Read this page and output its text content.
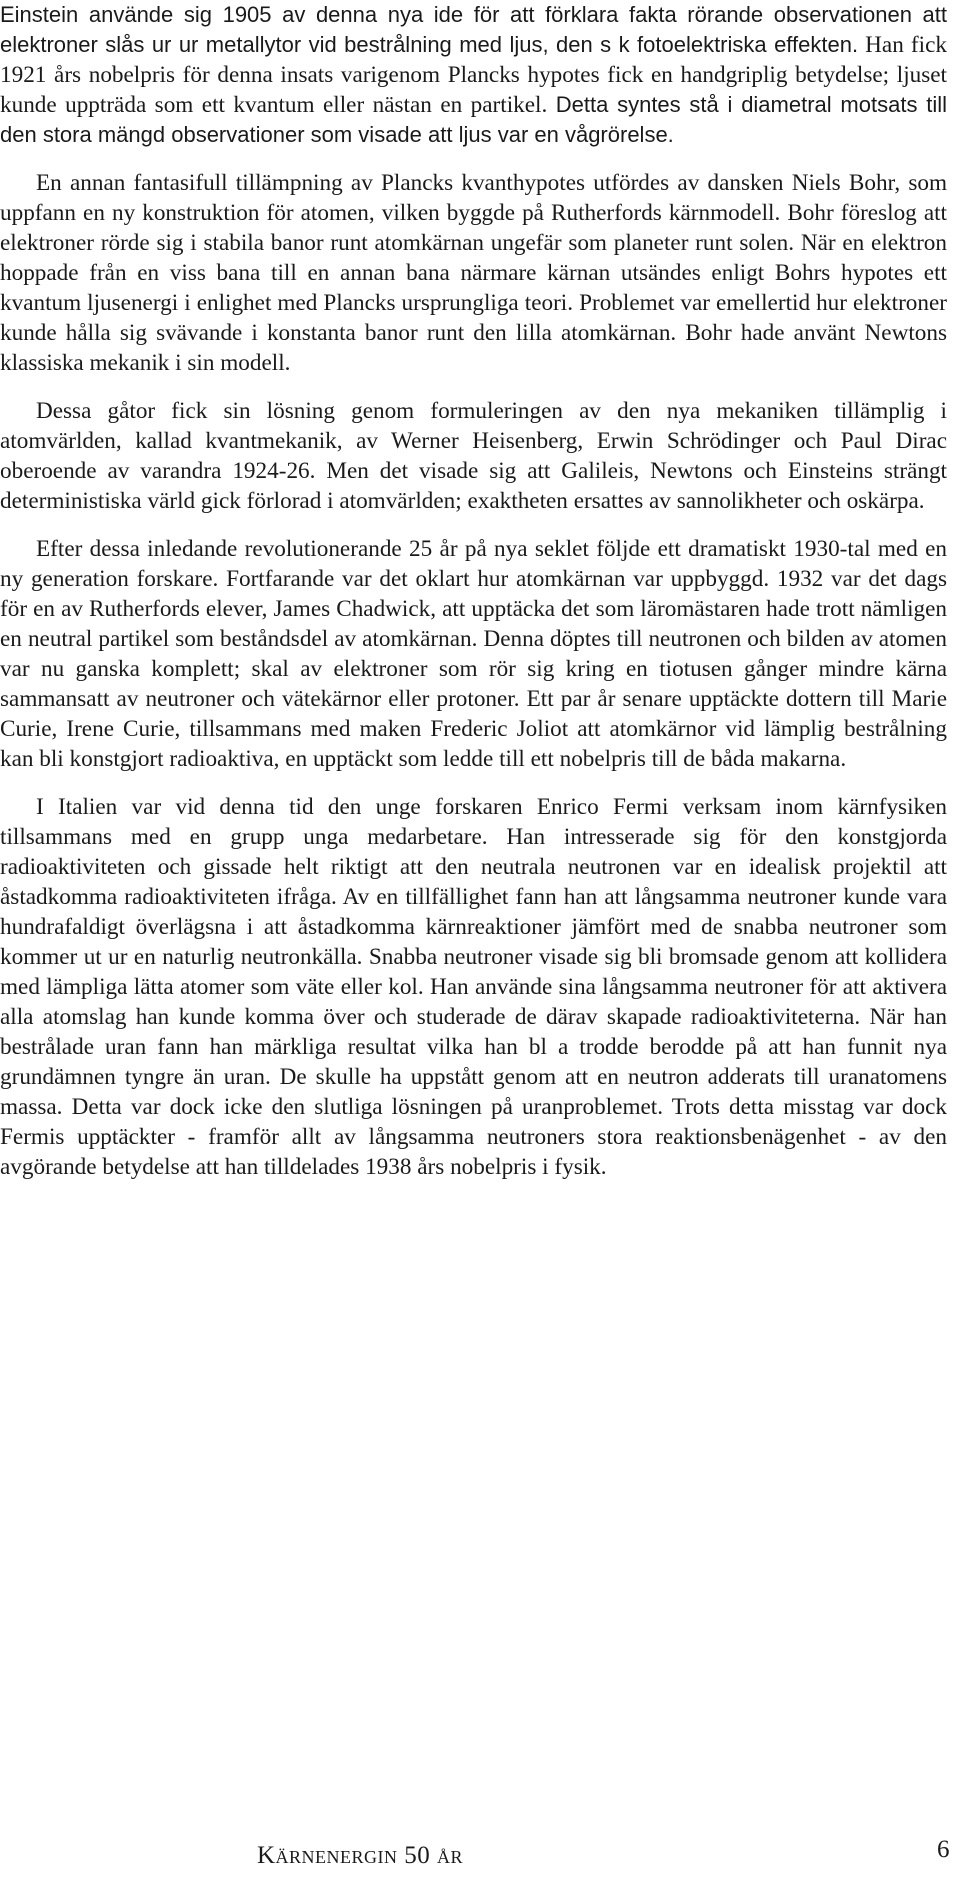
Einstein använde sig 1905 av denna nya ide för att förklara fakta rörande observationen att elektroner slås ur ur metallytor vid bestrålning med ljus, den s k fotoelektriska effekten. Han fick 1921 års nobelpris för denna insats varigenom Plancks hypotes fick en handgriplig betydelse; ljuset kunde uppträda som ett kvantum eller nästan en partikel. Detta syntes stå i diametral motsats till den stora mängd observationer som visade att ljus var en vågrörelse.

En annan fantasifull tillämpning av Plancks kvanthypotes utfördes av dansken Niels Bohr, som uppfann en ny konstruktion för atomen, vilken byggde på Rutherfords kärnmodell. Bohr föreslog att elektroner rörde sig i stabila banor runt atomkärnan ungefär som planeter runt solen. När en elektron hoppade från en viss bana till en annan bana närmare kärnan utsändes enligt Bohrs hypotes ett kvantum ljusenergi i enlighet med Plancks ursprungliga teori. Problemet var emellertid hur elektroner kunde hålla sig svävande i konstanta banor runt den lilla atomkärnan. Bohr hade använt Newtons klassiska mekanik i sin modell.

Dessa gåtor fick sin lösning genom formuleringen av den nya mekaniken tillämplig i atomvärlden, kallad kvantmekanik, av Werner Heisenberg, Erwin Schrödinger och Paul Dirac oberoende av varandra 1924-26. Men det visade sig att Galileis, Newtons och Einsteins strängt deterministiska värld gick förlorad i atomvärlden; exaktheten ersattes av sannolikheter och oskärpa.

Efter dessa inledande revolutionerande 25 år på nya seklet följde ett dramatiskt 1930-tal med en ny generation forskare. Fortfarande var det oklart hur atomkärnan var uppbyggd. 1932 var det dags för en av Rutherfords elever, James Chadwick, att upptäcka det som läromästaren hade trott nämligen en neutral partikel som beståndsdel av atomkärnan. Denna döptes till neutronen och bilden av atomen var nu ganska komplett; skal av elektroner som rör sig kring en tiotusen gånger mindre kärna sammansatt av neutroner och vätekärnor eller protoner. Ett par år senare upptäckte dottern till Marie Curie, Irene Curie, tillsammans med maken Frederic Joliot att atomkärnor vid lämplig bestrålning kan bli konstgjort radioaktiva, en upptäckt som ledde till ett nobelpris till de båda makarna.

I Italien var vid denna tid den unge forskaren Enrico Fermi verksam inom kärnfysiken tillsammans med en grupp unga medarbetare. Han intresserade sig för den konstgjorda radioaktiviteten och gissade helt riktigt att den neutrala neutronen var en idealisk projektil att åstadkomma radioaktiviteten ifråga. Av en tillfällighet fann han att långsamma neutroner kunde vara hundrafaldigt överlägsna i att åstadkomma kärnreaktioner jämfört med de snabba neutroner som kommer ut ur en naturlig neutronkälla. Snabba neutroner visade sig bli bromsade genom att kollidera med lämpliga lätta atomer som väte eller kol. Han använde sina långsamma neutroner för att aktivera alla atomslag han kunde komma över och studerade de därav skapade radioaktiviteterna. När han bestrålade uran fann han märkliga resultat vilka han bl a trodde berodde på att han funnit nya grundämnen tyngre än uran. De skulle ha uppstått genom att en neutron adderats till uranatomens massa. Detta var dock icke den slutliga lösningen på uranproblemet. Trots detta misstag var dock Fermis upptäckter - framför allt av långsamma neutroners stora reaktionsbenägenhet - av den avgörande betydelse att han tilldelades 1938 års nobelpris i fysik.

Kärnenergin 50 år	6
